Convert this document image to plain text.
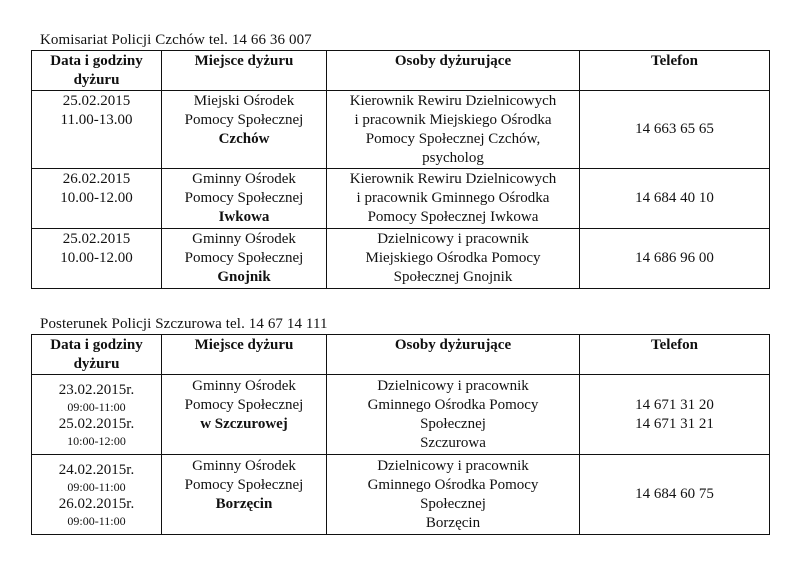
Komisariat Policji Czchów tel. 14 66 36 007
Data i godziny dyżuru	Miejsce dyżuru	Osoby dyżurujące	Telefon

25.02.2015
11.00-13.00	Miejski Ośrodek
Pomocy Społecznej
Czchów	Kierownik Rewiru Dzielnicowych
i pracownik Miejskiego Ośrodka
Pomocy Społecznej Czchów,
psycholog	14 663 65 65

26.02.2015
10.00-12.00	Gminny Ośrodek
Pomocy Społecznej
Iwkowa	Kierownik Rewiru Dzielnicowych
i pracownik Gminnego Ośrodka
Pomocy Społecznej Iwkowa	14 684 40 10

25.02.2015
10.00-12.00	Gminny Ośrodek
Pomocy Społecznej
Gnojnik	Dzielnicowy i pracownik
Miejskiego Ośrodka Pomocy
Społecznej Gnojnik	14 686 96 00
Posterunek Policji Szczurowa tel. 14 67 14 111
Data i godziny dyżuru	Miejsce dyżuru	Osoby dyżurujące	Telefon

23.02.2015r.
09:00-11:00
25.02.2015r.
10:00-12:00	Gminny Ośrodek
Pomocy Społecznej
w Szczurowej	Dzielnicowy i pracownik
Gminnego Ośrodka Pomocy
Społecznej
Szczurowa	14 671 31 20
14 671 31 21

24.02.2015r.
09:00-11:00
26.02.2015r.
09:00-11:00	Gminny Ośrodek
Pomocy Społecznej
Borzęcin	Dzielnicowy i pracownik
Gminnego Ośrodka Pomocy
Społecznej
Borzęcin	14 684 60 75
